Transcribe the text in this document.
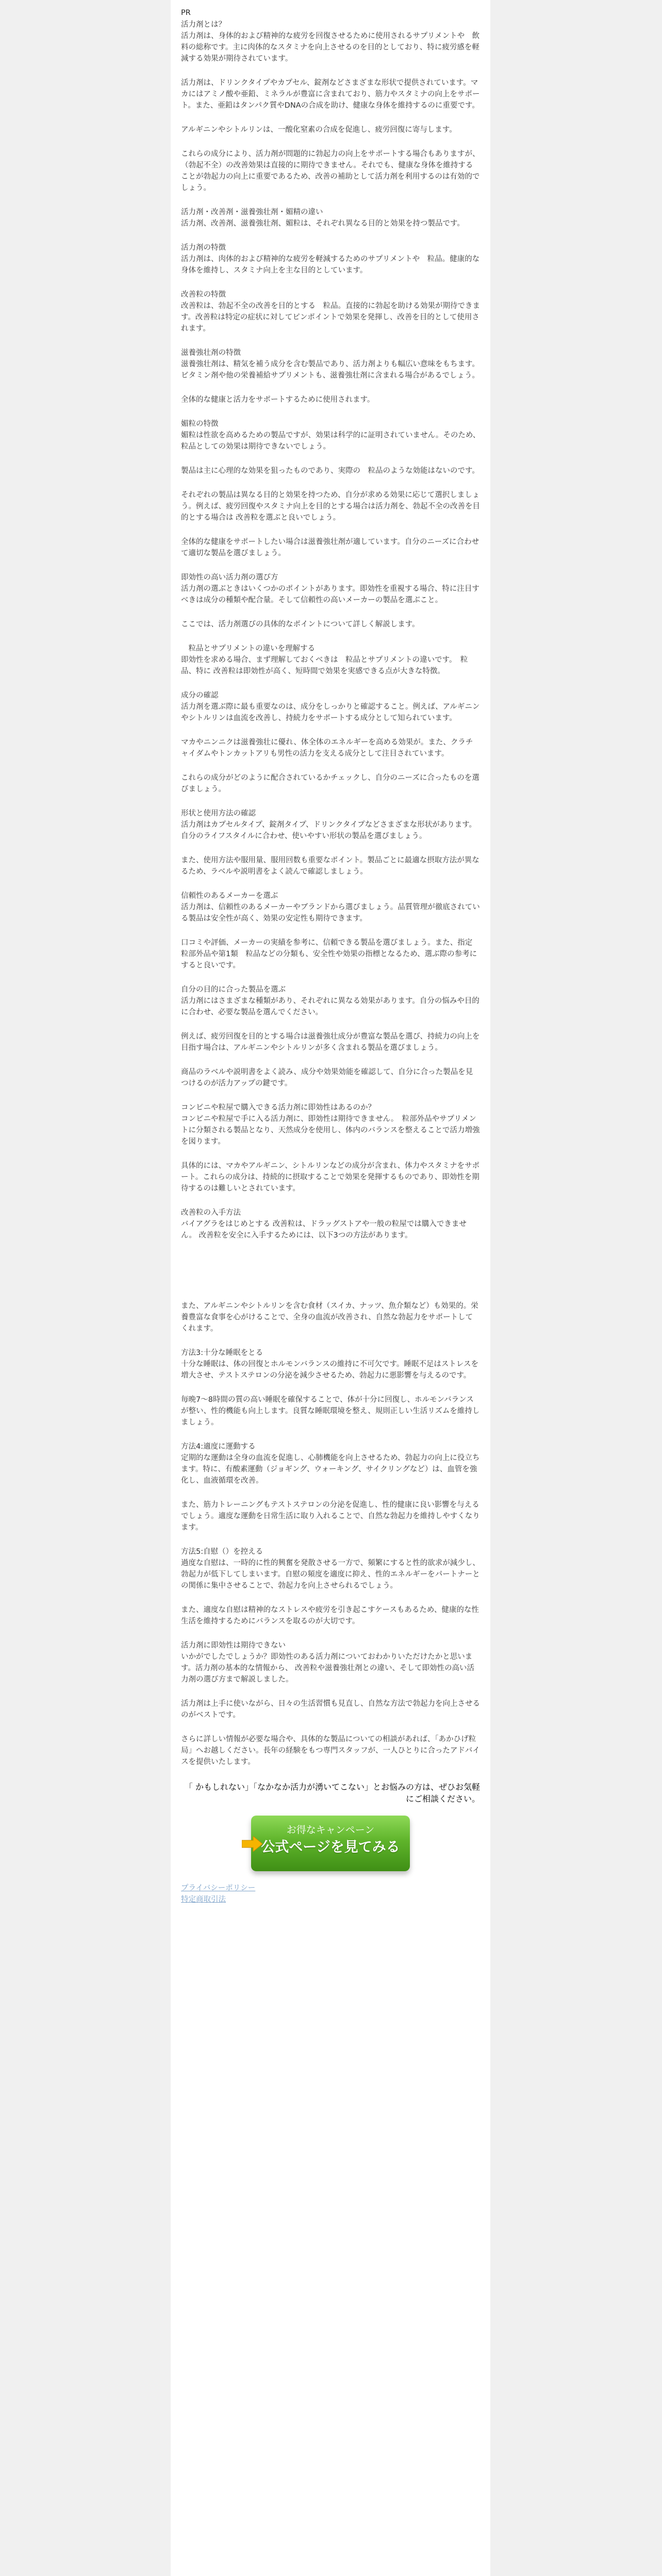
PR

活力剤とは？

活力剤は、身体的および精神的な疲労を回復させるために使用されるサプリメントや　飲料の総称です。主に肉体的なスタミナを向上させるのを目的としており、特に疲労感を軽減する効果が期待されています。

活力剤は、ドリンクタイプやカプセル、錠剤などさまざまな形状で提供されています。マカにはアミノ酸や亜鉛、ミネラルが豊富に含まれており、筋力やスタミナの向上をサポート。また、亜鉛はタンパク質やDNAの合成を助け、健康な身体を維持するのに重要です。

アルギニンやシトルリンは、一酸化窒素の合成を促進し、疲労回復に寄与します。

これらの成分により、活力剤が問題的に勃起力の向上をサポートする場合もありますが、（勃起不全）の改善効果は直接的に期待できません。それでも、健康な身体を維持することが勃起力の向上に重要であるため、改善の補助として活力剤を利用するのは有効的でしょう。

活力剤・改善剤・滋養強壮剤・媚精の違い

活力剤、改善剤、滋養強壮剤、媚粒は、それぞれ異なる目的と効果を持つ製品です。

活力剤の特徴

活力剤は、肉体的および精神的な疲労を軽減するためのサプリメントや　粒品。健康的な身体を維持し、スタミナ向上を主な目的としています。

改善粒の特徴

改善粒は、勃起不全の改善を目的とする　粒品。直接的に勃起を助ける効果が期待できます。改善粒は特定の症状に対してピンポイントで効果を発揮し、改善を目的として使用されます。

滋養強壮剤の特徴

滋養強壮剤は、精気を補う成分を含む製品であり、活力剤よりも幅広い意味をもちます。ビタミン剤や他の栄養補給サプリメントも、滋養強壮剤に含まれる場合があるでしょう。

全体的な健康と活力をサポートするために使用されます。

媚粒の特徴

媚粒は性欲を高めるための製品ですが、効果は科学的に証明されていません。そのため、　粒品としての効果は期待できないでしょう。

製品は主に心理的な効果を狙ったものであり、実際の　粒品のような効能はないのです。

それぞれの製品は異なる目的と効果を持つため、自分が求める効果に応じて選択しましょう。例えば、疲労回復やスタミナ向上を目的とする場合は活力剤を、勃起不全の改善を目的とする場合は 改善粒を選ぶと良いでしょう。

全体的な健康をサポートしたい場合は滋養強壮剤が適しています。自分のニーズに合わせて適切な製品を選びましょう。

即効性の高い活力剤の選び方

活力剤の選ぶときはいくつかのポイントがあります。即効性を重視する場合、特に注目すべきは成分の種類や配合量。そして信頼性の高いメーカーの製品を選ぶこと。

ここでは、活力剤選びの具体的なポイントについて詳しく解説します。

　粒品とサプリメントの違いを理解する

即効性を求める場合、まず理解しておくべきは　粒品とサプリメントの違いです。　粒品、特に 改善粒は即効性が高く、短時間で効果を実感できる点が大きな特徴。

成分の確認

活力剤を選ぶ際に最も重要なのは、成分をしっかりと確認すること。例えば、アルギニンやシトルリンは血流を改善し、持続力をサポートする成分として知られています。

マカやニンニクは滋養強壮に優れ、体全体のエネルギーを高める効果が。また、クラチャイダムやトンカットアリも男性の活力を支える成分として注目されています。

これらの成分がどのように配合されているかチェックし、自分のニーズに合ったものを選びましょう。

形状と使用方法の確認

活力剤はカプセルタイプ、錠剤タイプ、ドリンクタイプなどさまざまな形状があります。自分のライフスタイルに合わせ、使いやすい形状の製品を選びましょう。

また、使用方法や服用量、服用回数も重要なポイント。製品ごとに最適な摂取方法が異なるため、ラベルや説明書をよく読んで確認しましょう。

信頼性のあるメーカーを選ぶ

活力剤は、信頼性のあるメーカーやブランドから選びましょう。品質管理が徹底されている製品は安全性が高く、効果の安定性も期待できます。

口コミや評価、メーカーの実績を参考に、信頼できる製品を選びましょう。また、指定　粒部外品や第1類　粒品などの分類も、安全性や効果の指標となるため、選ぶ際の参考にすると良いです。

自分の目的に合った製品を選ぶ

活力剤にはさまざまな種類があり、それぞれに異なる効果があります。自分の悩みや目的に合わせ、必要な製品を選んでください。

例えば、疲労回復を目的とする場合は滋養強壮成分が豊富な製品を選び、持続力の向上を目指す場合は、アルギニンやシトルリンが多く含まれる製品を選びましょう。

商品のラベルや説明書をよく読み、成分や効果効能を確認して、自分に合った製品を見つけるのが活力アップの鍵です。

コンビニや粒屋で購入できる活力剤に即効性はあるのか？

コンビニや粒屋で手に入る活力剤に、即効性は期待できません。　粒部外品やサプリメントに分類される製品となり、天然成分を使用し、体内のバランスを整えることで活力増強を図ります。

具体的には、マカやアルギニン、シトルリンなどの成分が含まれ、体力やスタミナをサポート。これらの成分は、持続的に摂取することで効果を発揮するものであり、即効性を期待するのは難しいとされています。

改善粒の入手方法

バイアグラをはじめとする 改善粒は、ドラッグストアや一般の粒屋では購入できません。 改善粒を安全に入手するためには、以下3つの方法があります。

また、アルギニンやシトルリンを含む食材（スイカ、ナッツ、魚介類など）も効果的。栄養豊富な食事を心がけることで、全身の血流が改善され、自然な勃起力をサポートしてくれます。

方法3:十分な睡眠をとる

十分な睡眠は、体の回復とホルモンバランスの維持に不可欠です。睡眠不足はストレスを増大させ、テストステロンの分泌を減少させるため、勃起力に悪影響を与えるのです。

毎晩7〜8時間の質の高い睡眠を確保することで、体が十分に回復し、ホルモンバランスが整い、性的機能も向上します。良質な睡眠環境を整え、規則正しい生活リズムを維持しましょう。

方法4:適度に運動する

定期的な運動は全身の血流を促進し、心肺機能を向上させるため、勃起力の向上に役立ちます。特に、有酸素運動（ジョギング、ウォーキング、サイクリングなど）は、血管を強化し、血液循環を改善。

また、筋力トレーニングもテストステロンの分泌を促進し、性的健康に良い影響を与えるでしょう。適度な運動を日常生活に取り入れることで、自然な勃起力を維持しやすくなります。

方法5:自慰（）を控える

過度な自慰は、一時的に性的興奮を発散させる一方で、頻繁にすると性的欲求が減少し、勃起力が低下してしまいます。自慰の頻度を適度に抑え、性的エネルギーをパートナーとの関係に集中させることで、勃起力を向上させられるでしょう。

また、適度な自慰は精神的なストレスや疲労を引き起こすケースもあるため、健康的な性生活を維持するためにバランスを取るのが大切です。

活力剤に即効性は期待できない

いかがでしたでしょうか？即効性のある活力剤についておわかりいただけたかと思います。活力剤の基本的な情報から、 改善粒や滋養強壮剤との違い、そして即効性の高い活力剤の選び方まで解説しました。

活力剤は上手に使いながら、日々の生活習慣も見直し、自然な方法で勃起力を向上させるのがベストです。

さらに詳しい情報が必要な場合や、具体的な製品についての相談があれば、「あかひげ粒局」へお越しください。長年の経験をもつ専門スタッフが、一人ひとりに合ったアドバイスを提供いたします。

「 かもしれない」「なかなか活力が湧いてこない」とお悩みの方は、ぜひお気軽にご相談ください。
お得なキャンペーン
公式ページを見てみる
プライバシーポリシー
特定商取引法
